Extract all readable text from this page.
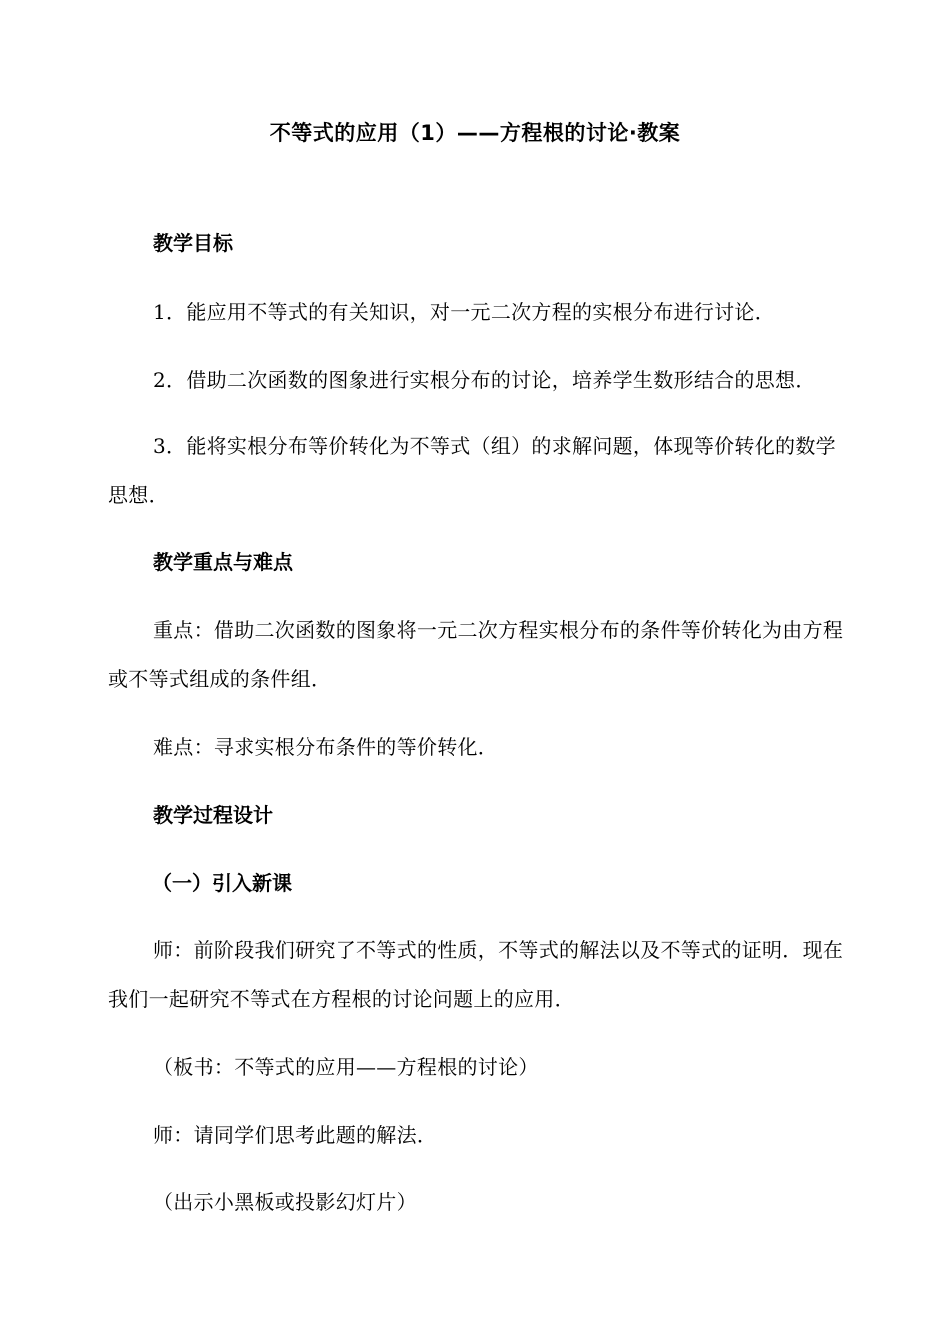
不等式的应用（1）——方程根的讨论·教案
教学目标

1．能应用不等式的有关知识，对一元二次方程的实根分布进行讨论．

2．借助二次函数的图象进行实根分布的讨论，培养学生数形结合的思想．

3．能将实根分布等价转化为不等式（组）的求解问题，体现等价转化的数学思想．

教学重点与难点

重点：借助二次函数的图象将一元二次方程实根分布的条件等价转化为由方程或不等式组成的条件组．

难点：寻求实根分布条件的等价转化．

教学过程设计
（一）引入新课

师：前阶段我们研究了不等式的性质，不等式的解法以及不等式的证明．现在我们一起研究不等式在方程根的讨论问题上的应用．

（板书：不等式的应用——方程根的讨论）

师：请同学们思考此题的解法．

（出示小黑板或投影幻灯片）
